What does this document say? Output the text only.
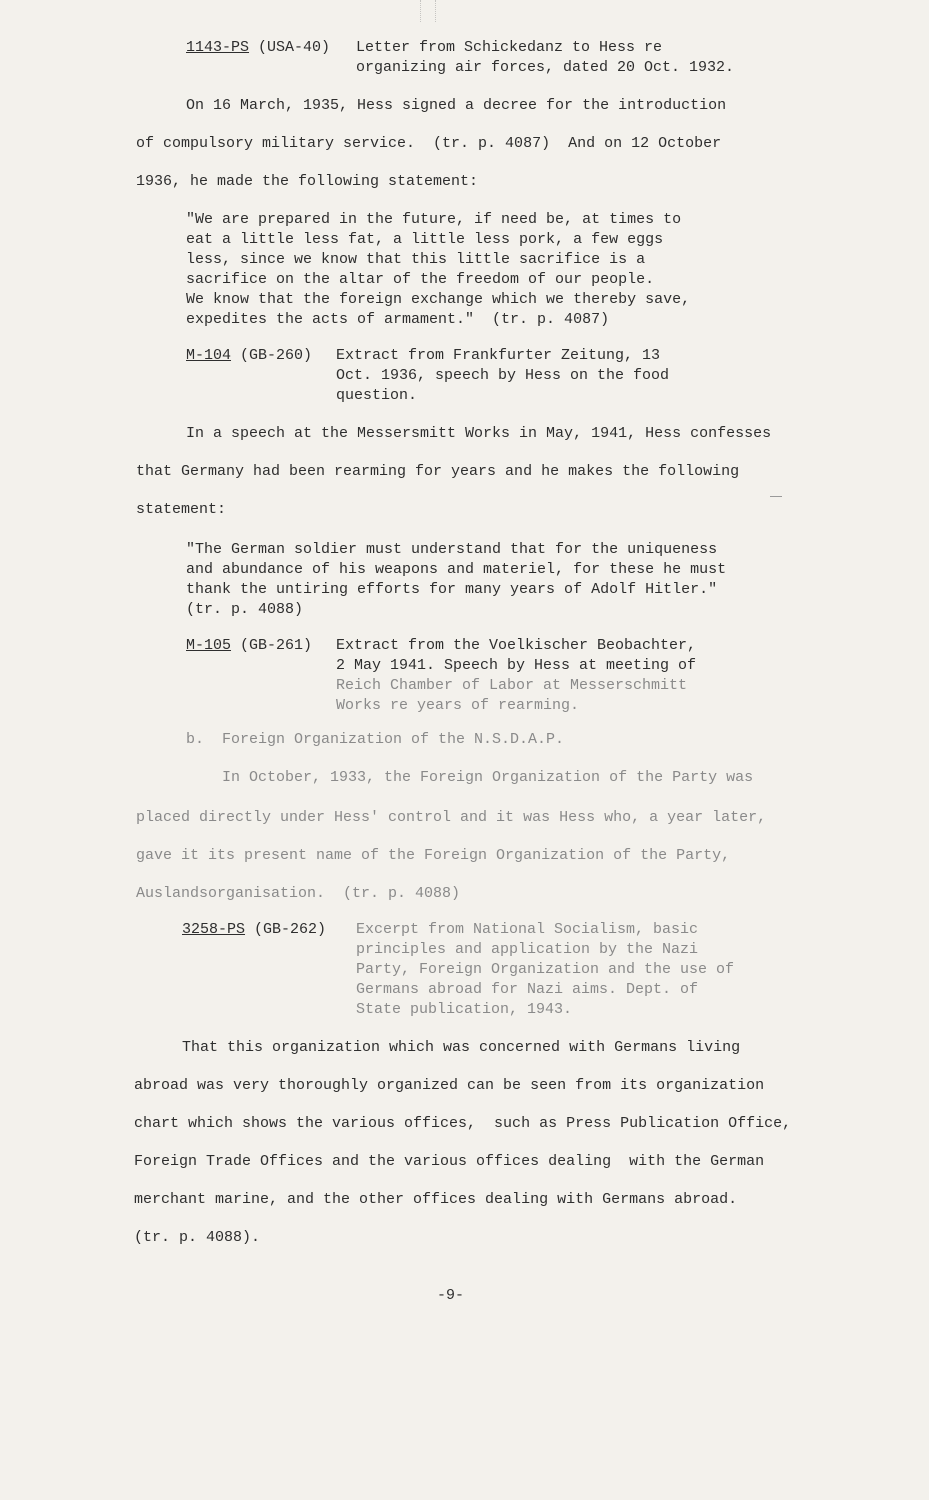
1143-PS (USA-40) Letter from Schickedanz to Hess re
organizing air forces, dated 20 Oct. 1932.
On 16 March, 1935, Hess signed a decree for the introduction
of compulsory military service.  (tr. p. 4087)  And on 12 October
1936, he made the following statement:
"We are prepared in the future, if need be, at times to
eat a little less fat, a little less pork, a few eggs
less, since we know that this little sacrifice is a
sacrifice on the altar of the freedom of our people.
We know that the foreign exchange which we thereby save,
expedites the acts of armament."  (tr. p. 4087)
M-104 (GB-260) Extract from Frankfurter Zeitung, 13
Oct. 1936, speech by Hess on the food
question.
In a speech at the Messersmitt Works in May, 1941, Hess confesses
that Germany had been rearming for years and he makes the following
statement:
"The German soldier must understand that for the uniqueness
and abundance of his weapons and materiel, for these he must
thank the untiring efforts for many years of Adolf Hitler."
(tr. p. 4088)
M-105 (GB-261) Extract from the Voelkischer Beobachter,
2 May 1941. Speech by Hess at meeting of
Reich Chamber of Labor at Messerschmitt
Works re years of rearming.
b.  Foreign Organization of the N.S.D.A.P.
In October, 1933, the Foreign Organization of the Party was
placed directly under Hess' control and it was Hess who, a year later,
gave it its present name of the Foreign Organization of the Party,
Auslandsorganisation.  (tr. p. 4088)
3258-PS (GB-262) Excerpt from National Socialism, basic
principles and application by the Nazi
Party, Foreign Organization and the use of
Germans abroad for Nazi aims. Dept. of
State publication, 1943.
That this organization which was concerned with Germans living
abroad was very thoroughly organized can be seen from its organization
chart which shows the various offices,  such as Press Publication Office,
Foreign Trade Offices and the various offices dealing  with the German
merchant marine, and the other offices dealing with Germans abroad.
(tr. p. 4088).
-9-
